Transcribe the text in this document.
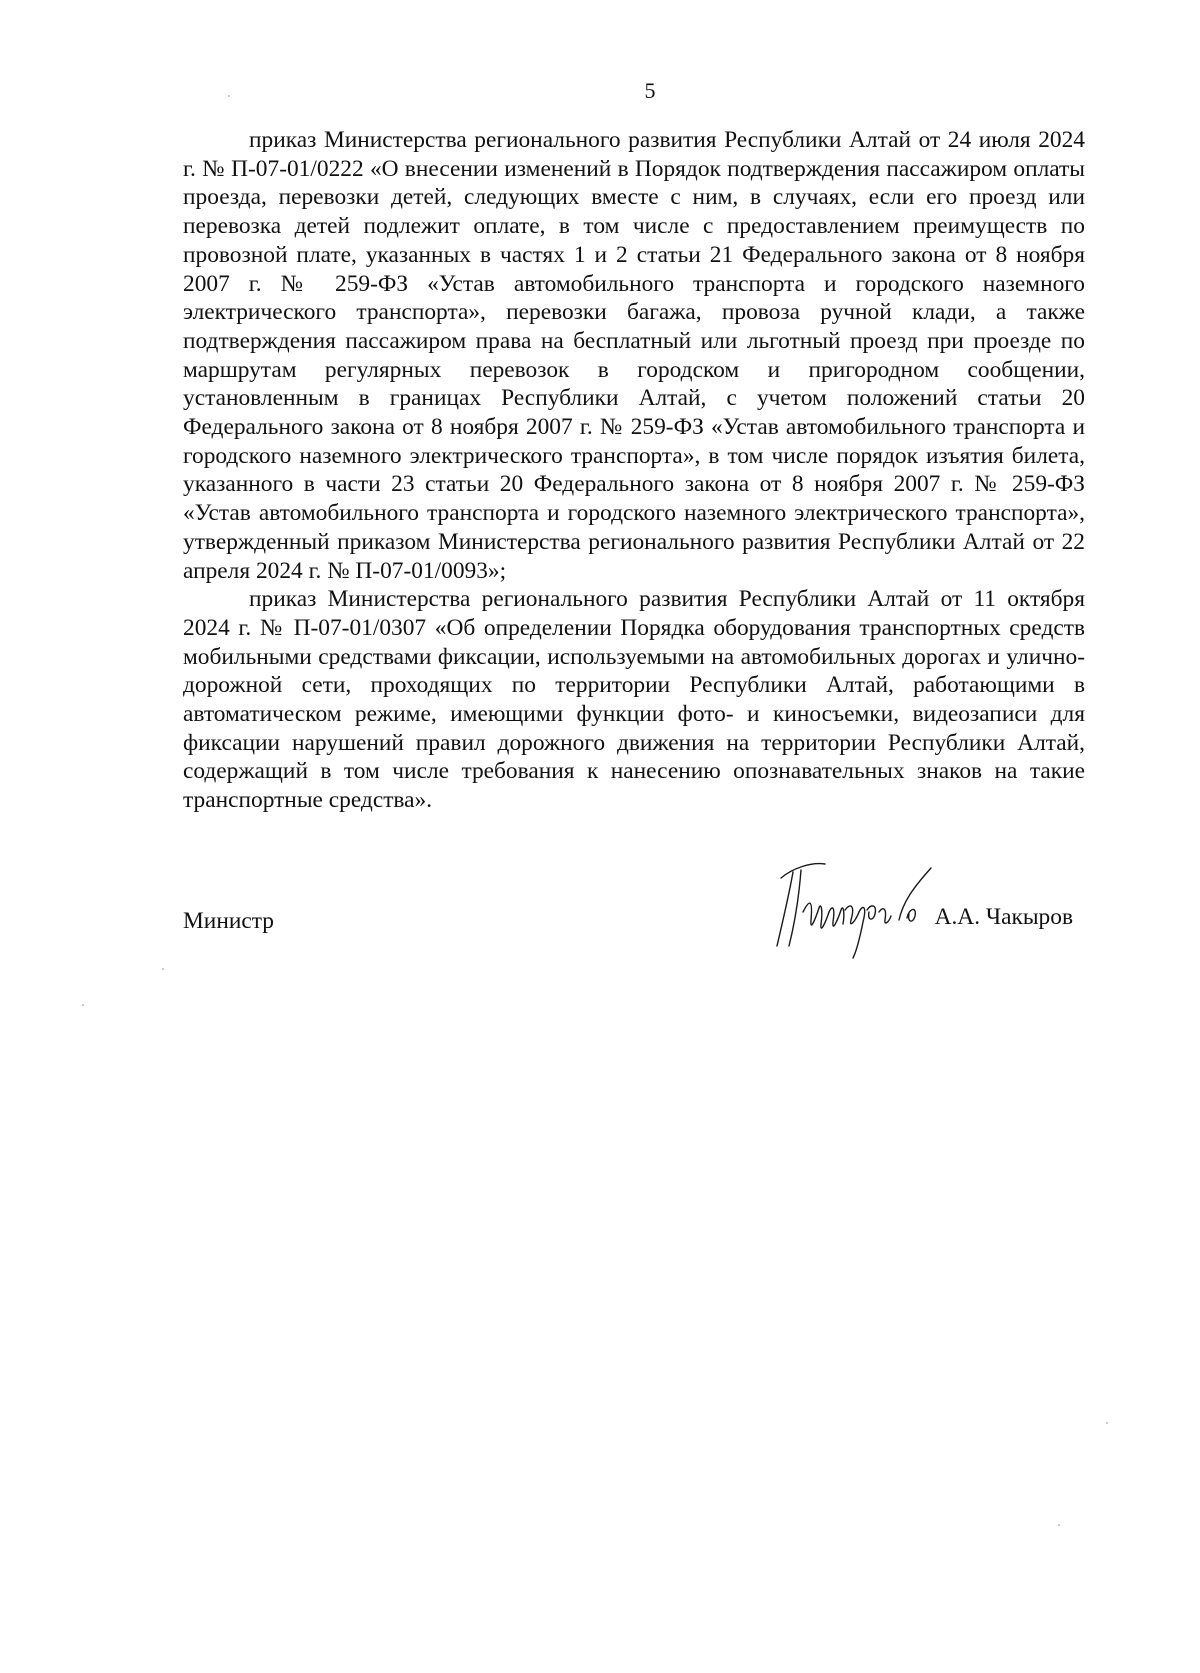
5

приказ Министерства регионального развития Республики Алтай от 24 июля 2024 г. № П-07-01/0222 «О внесении изменений в Порядок подтверждения пассажиром оплаты проезда, перевозки детей, следующих вместе с ним, в случаях, если его проезд или перевозка детей подлежит оплате, в том числе с предоставлением преимуществ по провозной плате, указанных в частях 1 и 2 статьи 21 Федерального закона от 8 ноября 2007 г. № 259-ФЗ «Устав автомобильного транспорта и городского наземного электрического транспорта», перевозки багажа, провоза ручной клади, а также подтверждения пассажиром права на бесплатный или льготный проезд при проезде по маршрутам регулярных перевозок в городском и пригородном сообщении, установленным в границах Республики Алтай, с учетом положений статьи 20 Федерального закона от 8 ноября 2007 г. № 259-ФЗ «Устав автомобильного транспорта и городского наземного электрического транспорта», в том числе порядок изъятия билета, указанного в части 23 статьи 20 Федерального закона от 8 ноября 2007 г. № 259-ФЗ «Устав автомобильного транспорта и городского наземного электрического транспорта», утвержденный приказом Министерства регионального развития Республики Алтай от 22 апреля 2024 г. № П-07-01/0093»;

приказ Министерства регионального развития Республики Алтай от 11 октября 2024 г. № П-07-01/0307 «Об определении Порядка оборудования транспортных средств мобильными средствами фиксации, используемыми на автомобильных дорогах и улично-дорожной сети, проходящих по территории Республики Алтай, работающими в автоматическом режиме, имеющими функции фото- и киносъемки, видеозаписи для фиксации нарушений правил дорожного движения на территории Республики Алтай, содержащий в том числе требования к нанесению опознавательных знаков на такие транспортные средства».

Министр	А.А. Чакыров
